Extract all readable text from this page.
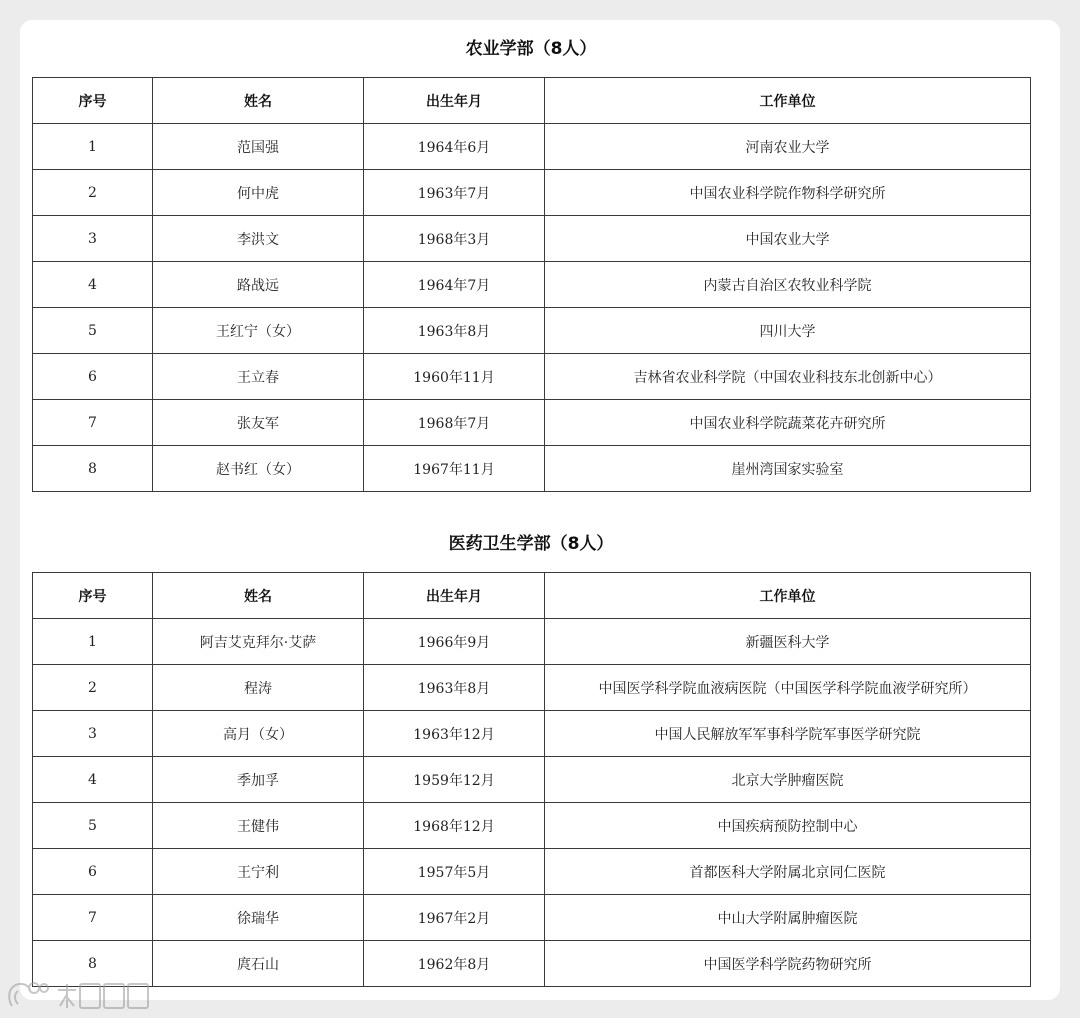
农业学部（8人）
序号	姓名	出生年月	工作单位
1	范国强	1964年6月	河南农业大学
2	何中虎	1963年7月	中国农业科学院作物科学研究所
3	李洪文	1968年3月	中国农业大学
4	路战远	1964年7月	内蒙古自治区农牧业科学院
5	王红宁（女）	1963年8月	四川大学
6	王立春	1960年11月	吉林省农业科学院（中国农业科技东北创新中心）
7	张友军	1968年7月	中国农业科学院蔬菜花卉研究所
8	赵书红（女）	1967年11月	崖州湾国家实验室
医药卫生学部（8人）
序号	姓名	出生年月	工作单位
1	阿吉艾克拜尔·艾萨	1966年9月	新疆医科大学
2	程涛	1963年8月	中国医学科学院血液病医院（中国医学科学院血液学研究所）
3	高月（女）	1963年12月	中国人民解放军军事科学院军事医学研究院
4	季加孚	1959年12月	北京大学肿瘤医院
5	王健伟	1968年12月	中国疾病预防控制中心
6	王宁利	1957年5月	首都医科大学附属北京同仁医院
7	徐瑞华	1967年2月	中山大学附属肿瘤医院
8	庹石山	1962年8月	中国医学科学院药物研究所
